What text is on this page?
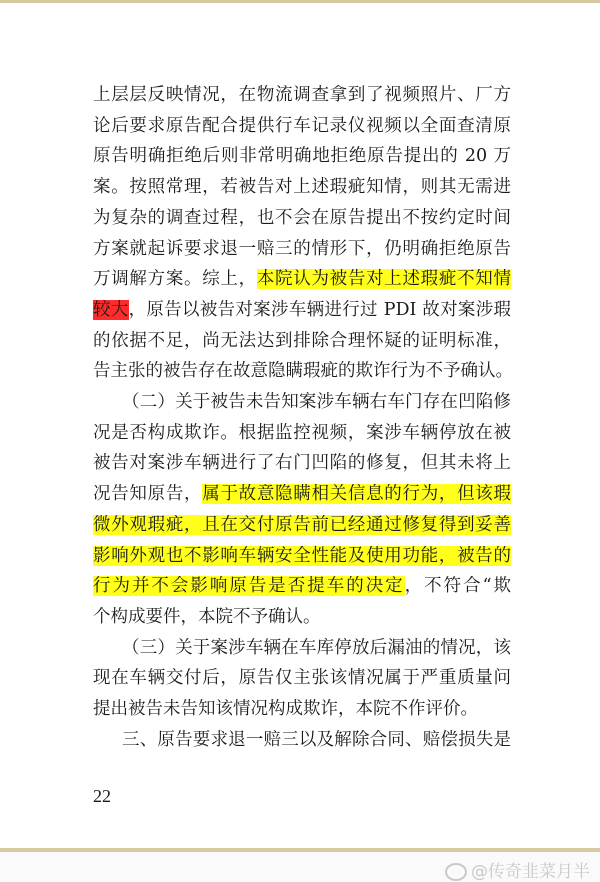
上层层反映情况，在物流调查拿到了视频照片、厂方
论后要求原告配合提供行车记录仪视频以全面查清原
原告明确拒绝后则非常明确地拒绝原告提出的 20 万
案。按照常理，若被告对上述瑕疵知情，则其无需进
为复杂的调查过程，也不会在原告提出不按约定时间
方案就起诉要求退一赔三的情形下，仍明确拒绝原告
万调解方案。综上，本院认为被告对上述瑕疵不知情
较大，原告以被告对案涉车辆进行过 PDI 故对案涉瑕
的依据不足，尚无法达到排除合理怀疑的证明标准，
告主张的被告存在故意隐瞒瑕疵的欺诈行为不予确认。
（二）关于被告未告知案涉车辆右车门存在凹陷修
况是否构成欺诈。根据监控视频，案涉车辆停放在被
被告对案涉车辆进行了右门凹陷的修复，但其未将上
况告知原告，属于故意隐瞒相关信息的行为，但该瑕
微外观瑕疵，且在交付原告前已经通过修复得到妥善
影响外观也不影响车辆安全性能及使用功能，被告的
行为并不会影响原告是否提车的决定，不符合“欺
个构成要件，本院不予确认。
（三）关于案涉车辆在车库停放后漏油的情况，该
现在车辆交付后，原告仅主张该情况属于严重质量问
提出被告未告知该情况构成欺诈，本院不作评价。
三、原告要求退一赔三以及解除合同、赔偿损失是
22
@传奇韭菜月半
